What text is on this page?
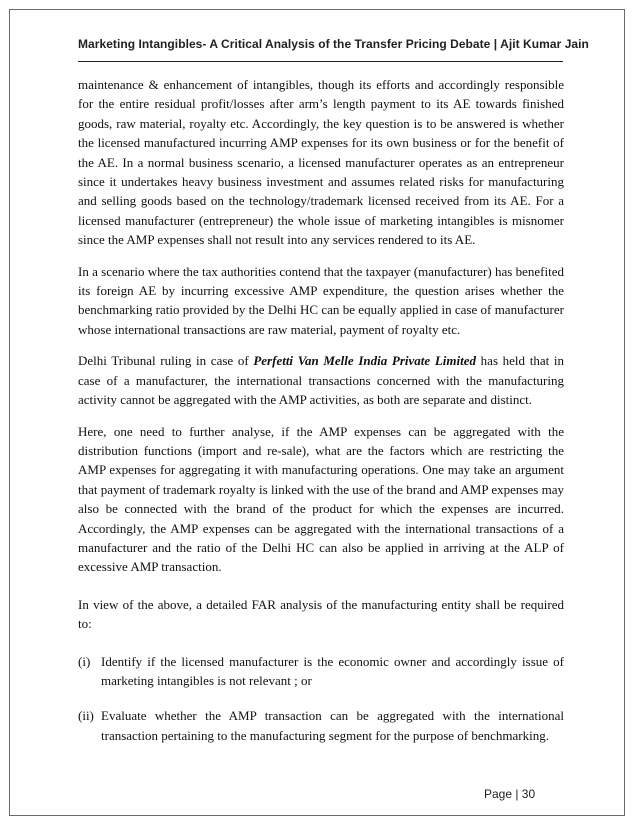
Marketing Intangibles- A Critical Analysis of the Transfer Pricing Debate | Ajit Kumar Jain

maintenance & enhancement of intangibles, though its efforts and accordingly responsible for the entire residual profit/losses after arm’s length payment to its AE towards finished goods, raw material, royalty etc. Accordingly, the key question is to be answered is whether the licensed manufactured incurring AMP expenses for its own business or for the benefit of the AE. In a normal business scenario, a licensed manufacturer operates as an entrepreneur since it undertakes heavy business investment and assumes related risks for manufacturing and selling goods based on the technology/trademark licensed received from its AE. For a licensed manufacturer (entrepreneur) the whole issue of marketing intangibles is misnomer since the AMP expenses shall not result into any services rendered to its AE.

In a scenario where the tax authorities contend that the taxpayer (manufacturer) has benefited its foreign AE by incurring excessive AMP expenditure, the question arises whether the benchmarking ratio provided by the Delhi HC can be equally applied in case of manufacturer whose international transactions are raw material, payment of royalty etc.

Delhi Tribunal ruling in case of Perfetti Van Melle India Private Limited has held that in case of a manufacturer, the international transactions concerned with the manufacturing activity cannot be aggregated with the AMP activities, as both are separate and distinct.

Here, one need to further analyse, if the AMP expenses can be aggregated with the distribution functions (import and re-sale), what are the factors which are restricting the AMP expenses for aggregating it with manufacturing operations. One may take an argument that payment of trademark royalty is linked with the use of the brand and AMP expenses may also be connected with the brand of the product for which the expenses are incurred. Accordingly, the AMP expenses can be aggregated with the international transactions of a manufacturer and the ratio of the Delhi HC can also be applied in arriving at the ALP of excessive AMP transaction.

In view of the above, a detailed FAR analysis of the manufacturing entity shall be required to:

(i) Identify if the licensed manufacturer is the economic owner and accordingly issue of marketing intangibles is not relevant ; or
(ii) Evaluate whether the AMP transaction can be aggregated with the international transaction pertaining to the manufacturing segment for the purpose of benchmarking.
Page | 30
